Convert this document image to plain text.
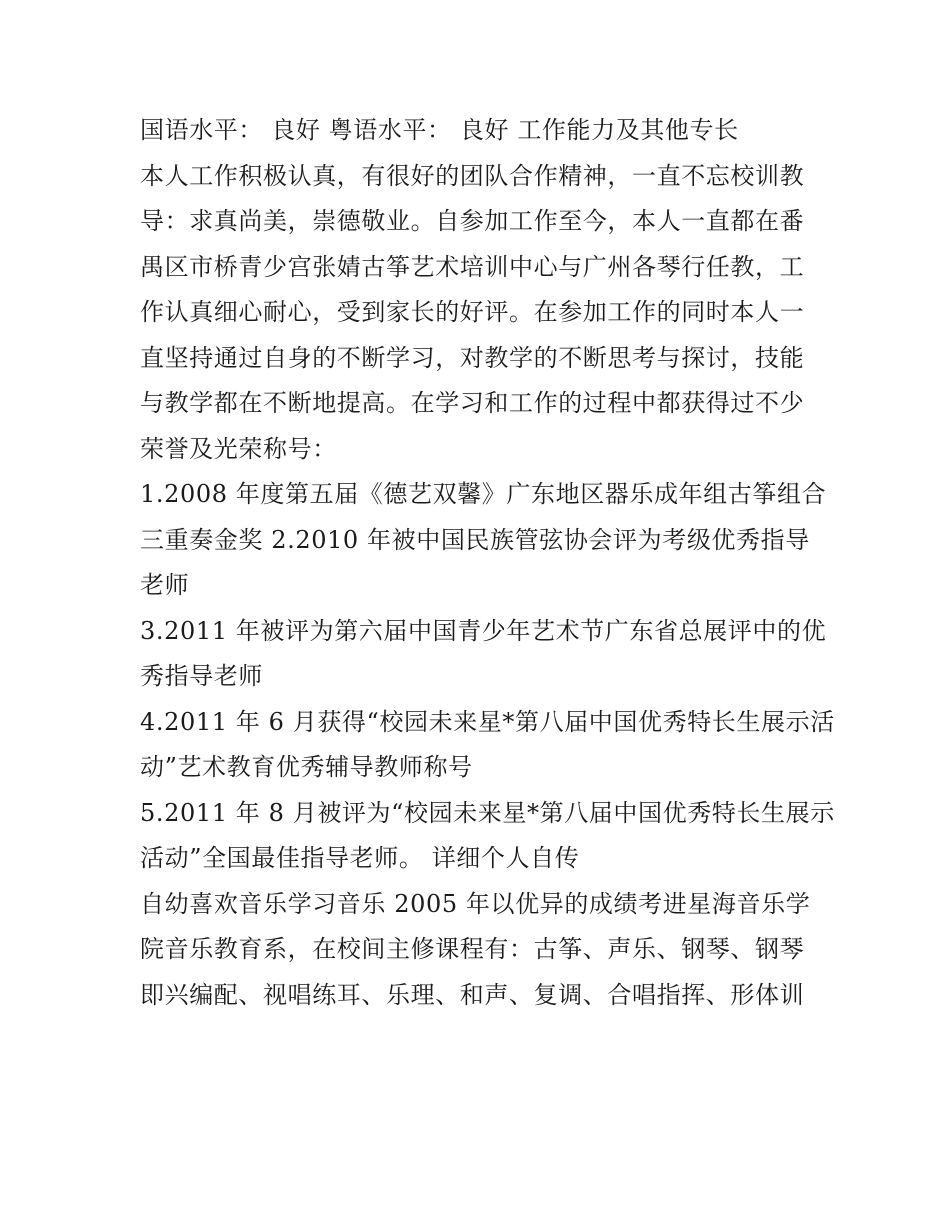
国语水平： 良好 粤语水平： 良好 工作能力及其他专长
本人工作积极认真，有很好的团队合作精神，一直不忘校训教
导：求真尚美，崇德敬业。自参加工作至今，本人一直都在番
禺区市桥青少宫张婧古筝艺术培训中心与广州各琴行任教，工
作认真细心耐心，受到家长的好评。在参加工作的同时本人一
直坚持通过自身的不断学习，对教学的不断思考与探讨，技能
与教学都在不断地提高。在学习和工作的过程中都获得过不少
荣誉及光荣称号：
1.2008 年度第五届《德艺双馨》广东地区器乐成年组古筝组合
三重奏金奖 2.2010 年被中国民族管弦协会评为考级优秀指导
老师
3.2011 年被评为第六届中国青少年艺术节广东省总展评中的优
秀指导老师
4.2011 年 6 月获得“校园未来星*第八届中国优秀特长生展示活
动”艺术教育优秀辅导教师称号
5.2011 年 8 月被评为“校园未来星*第八届中国优秀特长生展示
活动”全国最佳指导老师。 详细个人自传
自幼喜欢音乐学习音乐 2005 年以优异的成绩考进星海音乐学
院音乐教育系，在校间主修课程有：古筝、声乐、钢琴、钢琴
即兴编配、视唱练耳、乐理、和声、复调、合唱指挥、形体训
